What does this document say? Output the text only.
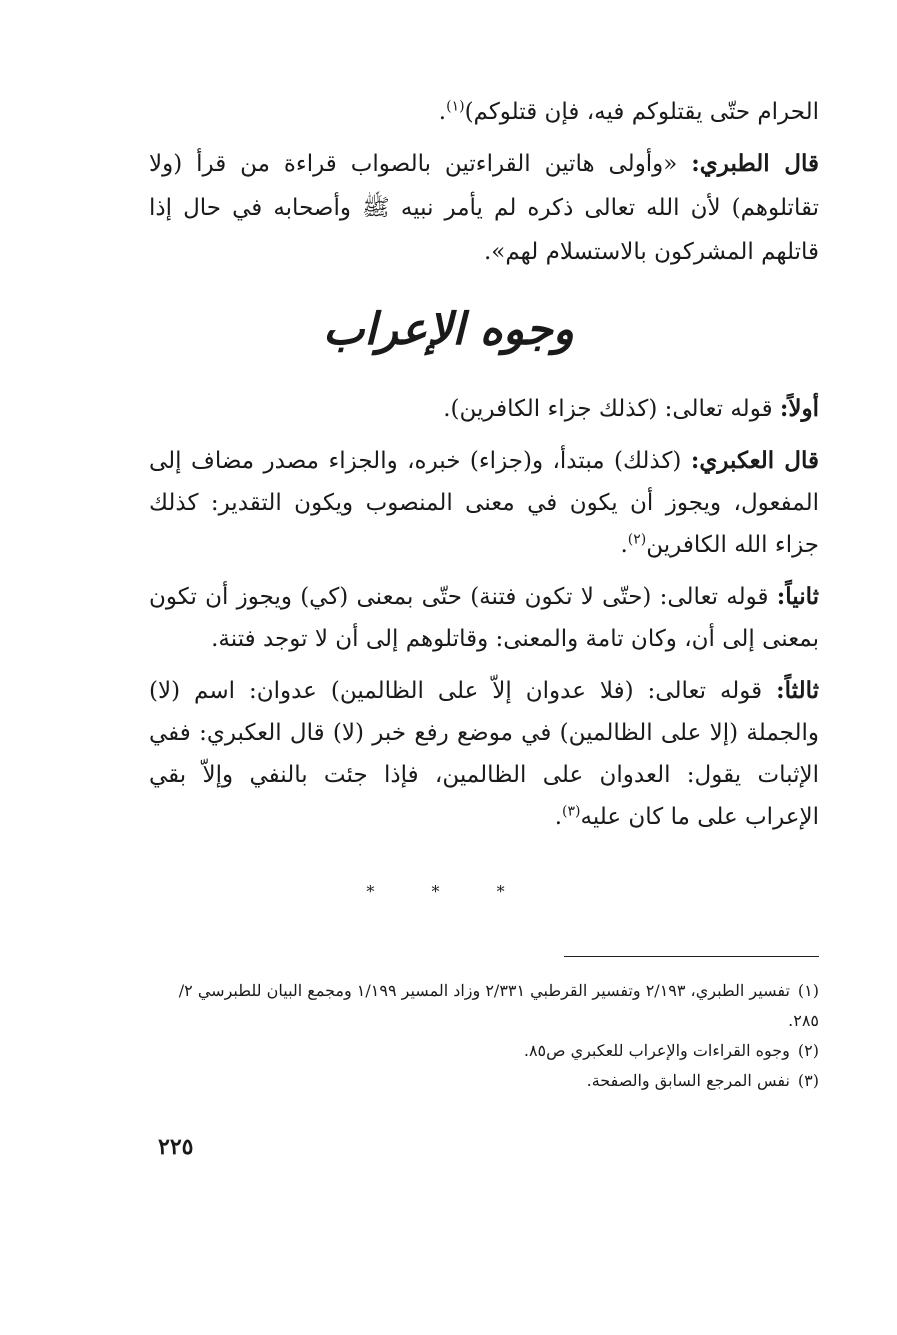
الحرام حتّى يقتلوكم فيه، فإن قتلوكم)$^{(١)}$.

قال الطبري: «وأولى هاتين القراءتين بالصواب قراءة من قرأ (ولا تقاتلوهم) لأن الله تعالى ذكره لم يأمر نبيه ﷺ وأصحابه في حال إذا قاتلهم المشركون بالاستسلام لهم».

وجوه الإعراب

أولاً: قوله تعالى: (كذلك جزاء الكافرين).

قال العكبري: (كذلك) مبتدأ، و(جزاء) خبره، والجزاء مصدر مضاف إلى المفعول، ويجوز أن يكون في معنى المنصوب ويكون التقدير: كذلك جزاء الله الكافرين$^{(٢)}$.

ثانياً: قوله تعالى: (حتّى لا تكون فتنة) حتّى بمعنى (كي) ويجوز أن تكون بمعنى إلى أن، وكان تامة والمعنى: وقاتلوهم إلى أن لا توجد فتنة.

ثالثاً: قوله تعالى: (فلا عدوان إلاّ على الظالمين) عدوان: اسم (لا) والجملة (إلا على الظالمين) في موضع رفع خبر (لا) قال العكبري: ففي الإثبات يقول: العدوان على الظالمين، فإذا جئت بالنفي وإلاّ بقي الإعراب على ما كان عليه$^{(٣)}$.

* * *

(١)تفسير الطبري، ٢/١٩٣ وتفسير القرطبي ٢/٣٣١ وزاد المسير ١/١٩٩ ومجمع البيان للطبرسي ٢/ ٢٨٥.

(٢)وجوه القراءات والإعراب للعكبري ص٨٥.

(٣)نفس المرجع السابق والصفحة.

٢٢٥
